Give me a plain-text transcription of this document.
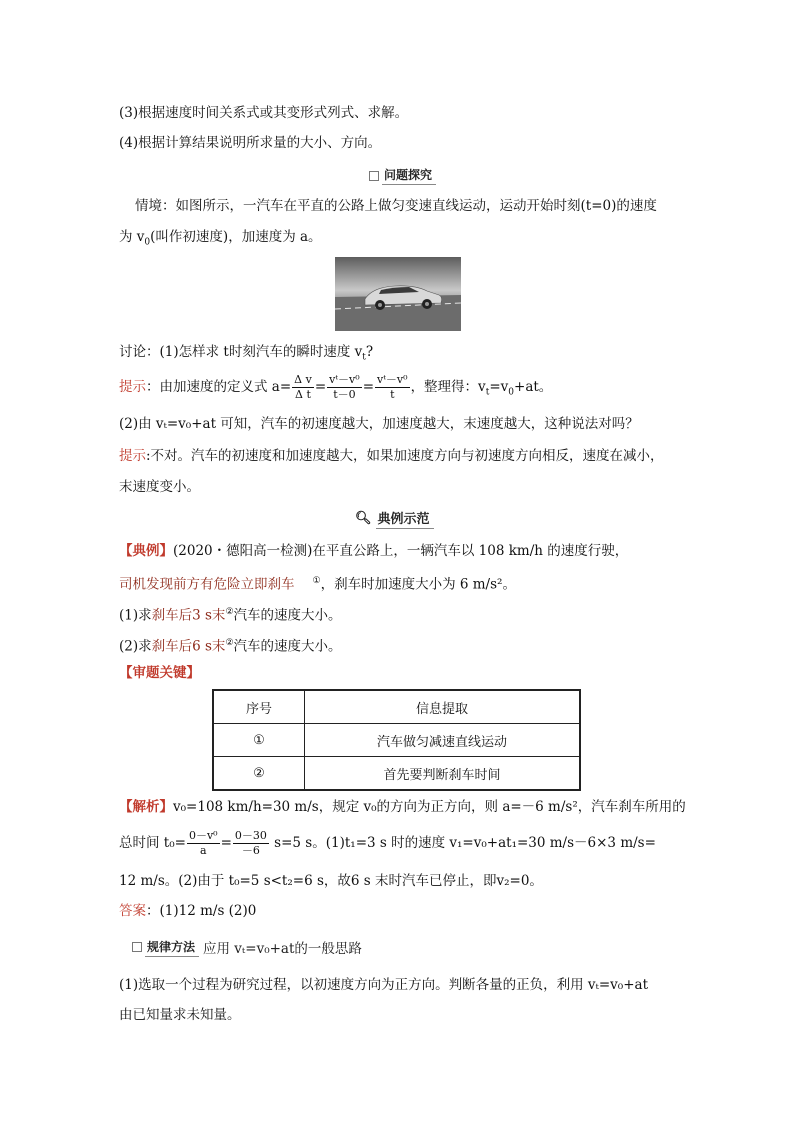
(3)根据速度时间关系式或其变形式列式、求解。
(4)根据计算结果说明所求量的大小、方向。
问题探究
情境：如图所示，一汽车在平直的公路上做匀变速直线运动，运动开始时刻(t=0)的速度
为 $v_0$(叫作初速度)，加速度为 a。
讨论：(1)怎样求 t时刻汽车的瞬时速度 $v_t$?
提示：由加速度的定义式 $a= \frac{\text{Δ v}}{\text{Δ t}} = \frac{\text{vᵗ－v⁰}}{t-0} = \frac{\text{vᵗ－v⁰}}{t}$ ，整理得：$v_t=v_0+at$。
(2)由 vₜ=v₀+at 可知，汽车的初速度越大，加速度越大，末速度越大，这种说法对吗？
提示:不对。汽车的初速度和加速度越大，如果加速度方向与初速度方向相反，速度在减小，
末速度变小。
🔍︎ 典例示范
【典例】(2020・德阳高一检测)在平直公路上，一辆汽车以 108 km/h 的速度行驶，
司机发现前方有危险立即刹车 ①，刹车时加速度大小为 6 m/s²。
(1)求刹车后3 s末②汽车的速度大小。
(2)求刹车后6 s末②汽车的速度大小。
【审题关键】
序号	信息提取
①	汽车做匀减速直线运动
②	首先要判断刹车时间
【解析】v₀=108 km/h=30 m/s，规定 v₀的方向为正方向，则 a=－6 m/s²，汽车刹车所用的
总时间 $t_0= \frac{\text{0－v⁰}}{a} = \frac{0-30}{-6} s=5$ s。(1)t₁=3 s 时的速度 v₁=v₀+at₁=30 m/s－6×3 m/s=
12 m/s。(2)由于 t₀=5 s<t₂=6 s，故6 s 末时汽车已停止，即v₂=0。
答案：(1)12 m/s (2)0
规律方法 应用 vₜ=v₀+at的一般思路
(1)选取一个过程为研究过程，以初速度方向为正方向。判断各量的正负，利用 vₜ=v₀+at
由已知量求未知量。
